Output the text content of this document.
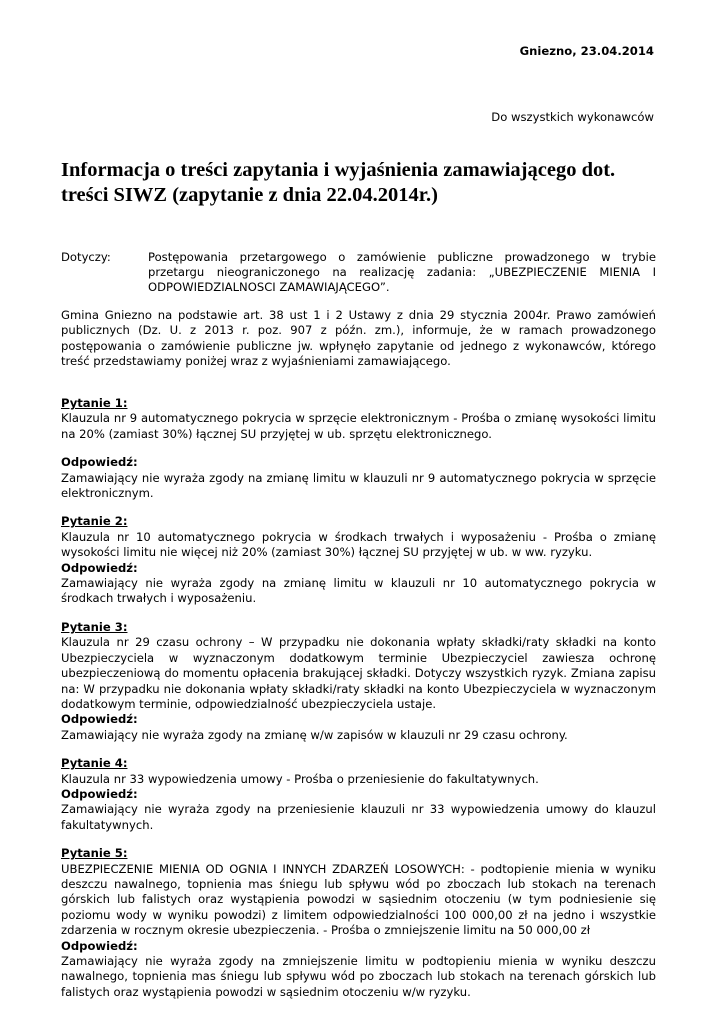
Gniezno, 23.04.2014
Do wszystkich wykonawców
Informacja o treści zapytania i wyjaśnienia zamawiającego dot. treści SIWZ (zapytanie z dnia 22.04.2014r.)
Dotyczy:	Postępowania przetargowego o zamówienie publiczne prowadzonego w trybie przetargu nieograniczonego na realizację zadania: „UBEZPIECZENIE MIENIA I ODPOWIEDZIALNOSCI ZAMAWIAJĄCEGO”.
Gmina Gniezno na podstawie art. 38 ust 1 i 2 Ustawy z dnia 29 stycznia 2004r. Prawo zamówień publicznych (Dz. U. z 2013 r. poz. 907 z późn. zm.), informuje, że w ramach prowadzonego postępowania o zamówienie publiczne jw. wpłynęło zapytanie od jednego z wykonawców, którego treść przedstawiamy poniżej wraz z wyjaśnieniami zamawiającego.

Pytanie 1:

Klauzula nr 9 automatycznego pokrycia w sprzęcie elektronicznym - Prośba o zmianę wysokości limitu na 20% (zamiast 30%) łącznej SU przyjętej w ub. sprzętu elektronicznego.

Odpowiedź:

Zamawiający nie wyraża zgody na zmianę limitu w klauzuli nr 9 automatycznego pokrycia w sprzęcie elektronicznym.

Pytanie 2:

Klauzula nr 10 automatycznego pokrycia w środkach trwałych i wyposażeniu - Prośba o zmianę wysokości limitu nie więcej niż 20% (zamiast 30%) łącznej SU przyjętej w ub. w ww. ryzyku.

Odpowiedź:

Zamawiający nie wyraża zgody na zmianę limitu w klauzuli nr 10 automatycznego pokrycia w środkach trwałych i wyposażeniu.

Pytanie 3:

Klauzula nr 29 czasu ochrony – W przypadku nie dokonania wpłaty składki/raty składki na konto Ubezpieczyciela w wyznaczonym dodatkowym terminie Ubezpieczyciel zawiesza ochronę ubezpieczeniową do momentu opłacenia brakującej składki. Dotyczy wszystkich ryzyk. Zmiana zapisu na: W przypadku nie dokonania wpłaty składki/raty składki na konto Ubezpieczyciela w wyznaczonym dodatkowym terminie, odpowiedzialność ubezpieczyciela ustaje.

Odpowiedź:

Zamawiający nie wyraża zgody na zmianę w/w zapisów w klauzuli nr 29 czasu ochrony.

Pytanie 4:

Klauzula nr 33 wypowiedzenia umowy - Prośba o przeniesienie do fakultatywnych.

Odpowiedź:

Zamawiający nie wyraża zgody na przeniesienie klauzuli nr 33 wypowiedzenia umowy do klauzul fakultatywnych.

Pytanie 5:

UBEZPIECZENIE MIENIA OD OGNIA I INNYCH ZDARZEŃ LOSOWYCH: - podtopienie mienia w wyniku deszczu nawalnego, topnienia mas śniegu lub spływu wód po zboczach lub stokach na terenach górskich lub falistych oraz wystąpienia powodzi w sąsiednim otoczeniu (w tym podniesienie się poziomu wody w wyniku powodzi) z limitem odpowiedzialności 100 000,00 zł na jedno i wszystkie zdarzenia w rocznym okresie ubezpieczenia. - Prośba o zmniejszenie limitu na 50 000,00 zł

Odpowiedź:

Zamawiający nie wyraża zgody na zmniejszenie limitu w podtopieniu mienia w wyniku deszczu nawalnego, topnienia mas śniegu lub spływu wód po zboczach lub stokach na terenach górskich lub falistych oraz wystąpienia powodzi w sąsiednim otoczeniu w/w ryzyku.
